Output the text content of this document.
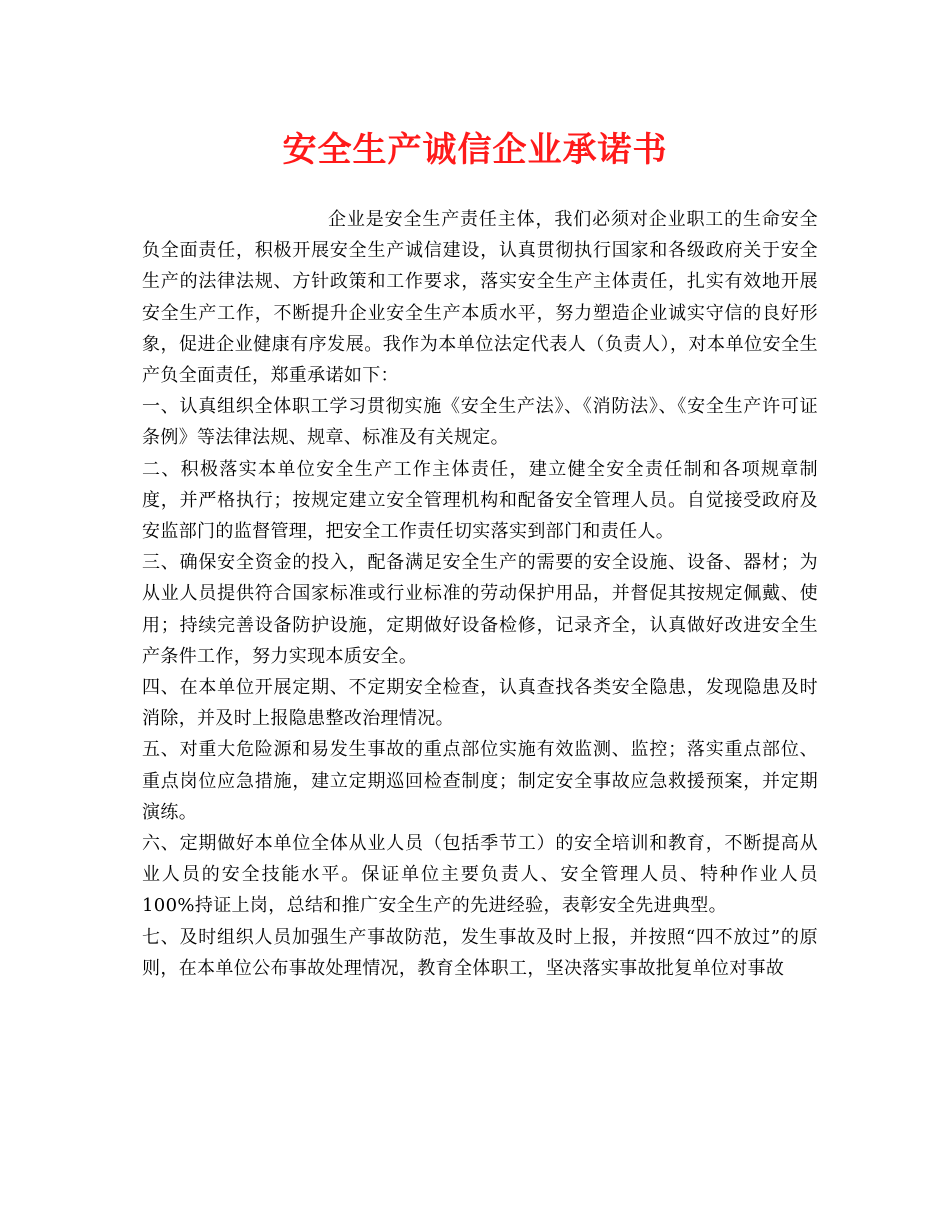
安全生产诚信企业承诺书

企业是安全生产责任主体，我们必须对企业职工的生命安全负全面责任，积极开展安全生产诚信建设，认真贯彻执行国家和各级政府关于安全生产的法律法规、方针政策和工作要求，落实安全生产主体责任，扎实有效地开展安全生产工作，不断提升企业安全生产本质水平，努力塑造企业诚实守信的良好形象，促进企业健康有序发展。我作为本单位法定代表人（负责人），对本单位安全生产负全面责任，郑重承诺如下：

一、认真组织全体职工学习贯彻实施《安全生产法》、《消防法》、《安全生产许可证条例》等法律法规、规章、标准及有关规定。

二、积极落实本单位安全生产工作主体责任，建立健全安全责任制和各项规章制度，并严格执行；按规定建立安全管理机构和配备安全管理人员。自觉接受政府及安监部门的监督管理，把安全工作责任切实落实到部门和责任人。

三、确保安全资金的投入，配备满足安全生产的需要的安全设施、设备、器材；为从业人员提供符合国家标准或行业标准的劳动保护用品，并督促其按规定佩戴、使用；持续完善设备防护设施，定期做好设备检修，记录齐全，认真做好改进安全生产条件工作，努力实现本质安全。

四、在本单位开展定期、不定期安全检查，认真查找各类安全隐患，发现隐患及时消除，并及时上报隐患整改治理情况。

五、对重大危险源和易发生事故的重点部位实施有效监测、监控；落实重点部位、重点岗位应急措施，建立定期巡回检查制度；制定安全事故应急救援预案，并定期演练。

六、定期做好本单位全体从业人员（包括季节工）的安全培训和教育，不断提高从业人员的安全技能水平。保证单位主要负责人、安全管理人员、特种作业人员100%持证上岗，总结和推广安全生产的先进经验，表彰安全先进典型。

七、及时组织人员加强生产事故防范，发生事故及时上报，并按照“四不放过”的原则，在本单位公布事故处理情况，教育全体职工，坚决落实事故批复单位对事故
